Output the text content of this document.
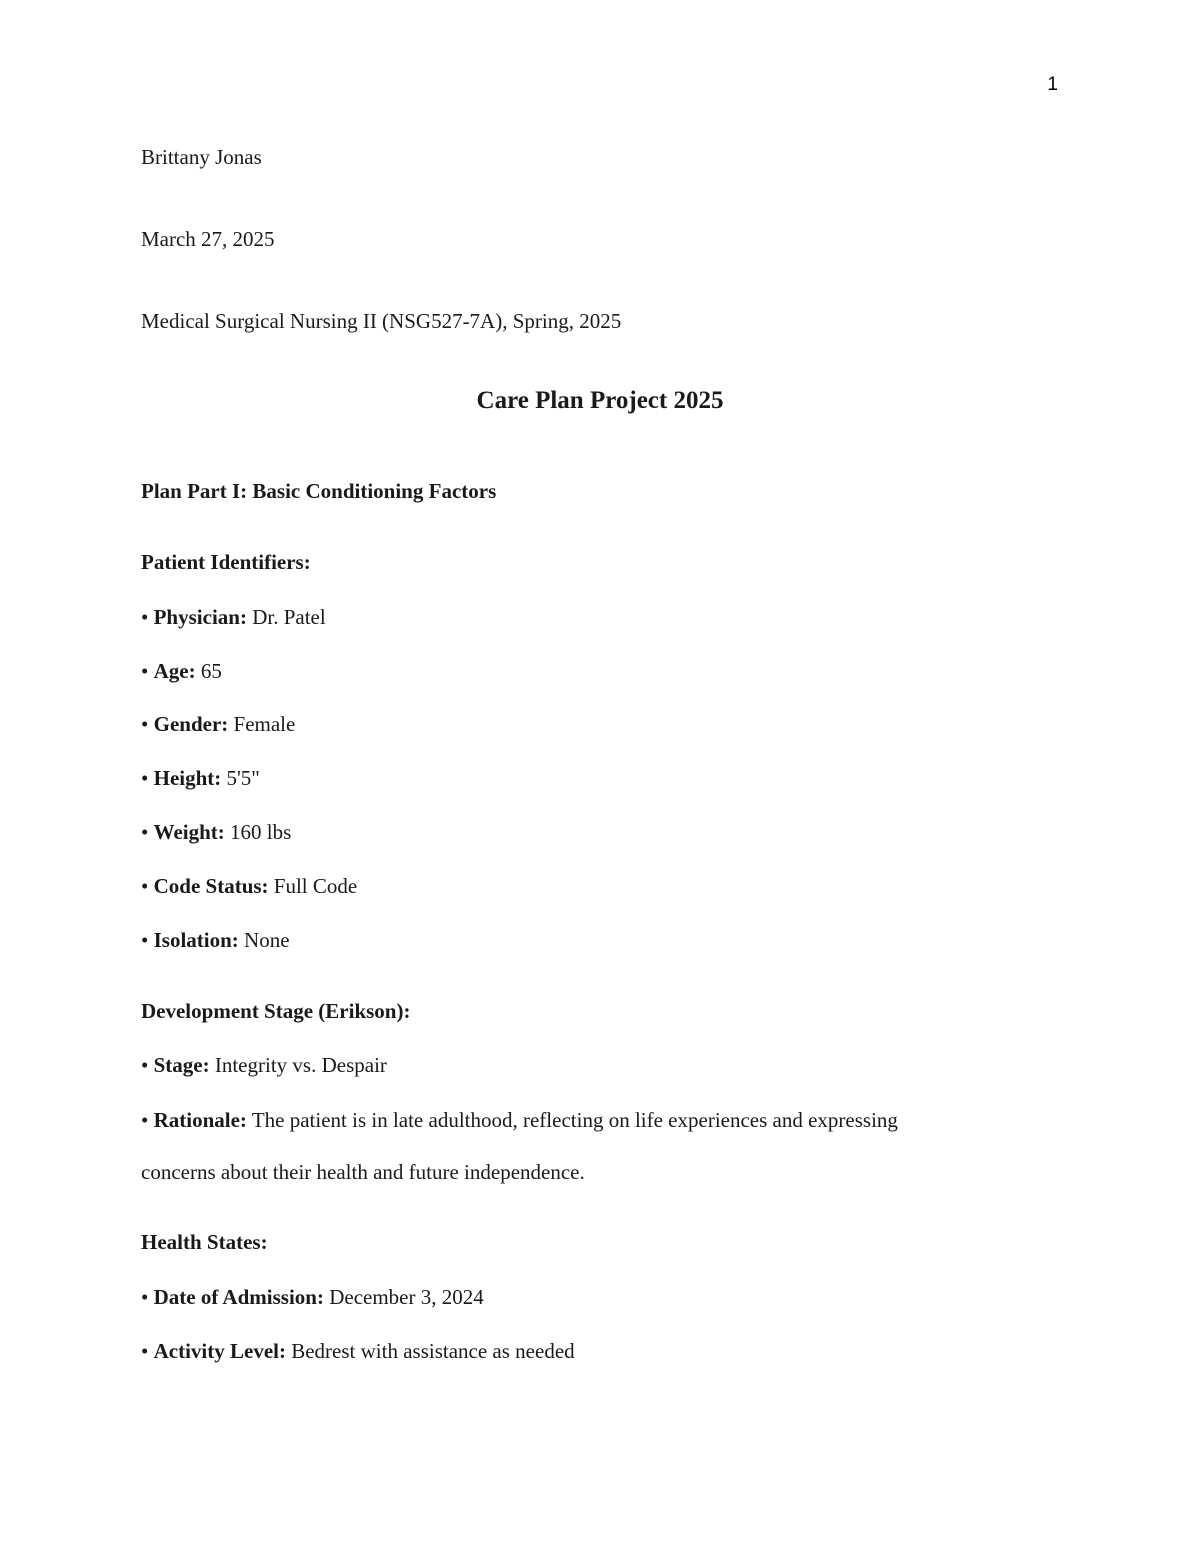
1
Brittany Jonas
March 27, 2025
Medical Surgical Nursing II (NSG527-7A), Spring, 2025
Care Plan Project 2025
Plan Part I: Basic Conditioning Factors
Patient Identifiers:
• Physician: Dr. Patel
• Age: 65
• Gender: Female
• Height: 5'5"
• Weight: 160 lbs
• Code Status: Full Code
• Isolation: None
Development Stage (Erikson):
• Stage: Integrity vs. Despair
• Rationale: The patient is in late adulthood, reflecting on life experiences and expressing
concerns about their health and future independence.
Health States:
• Date of Admission: December 3, 2024
• Activity Level: Bedrest with assistance as needed
